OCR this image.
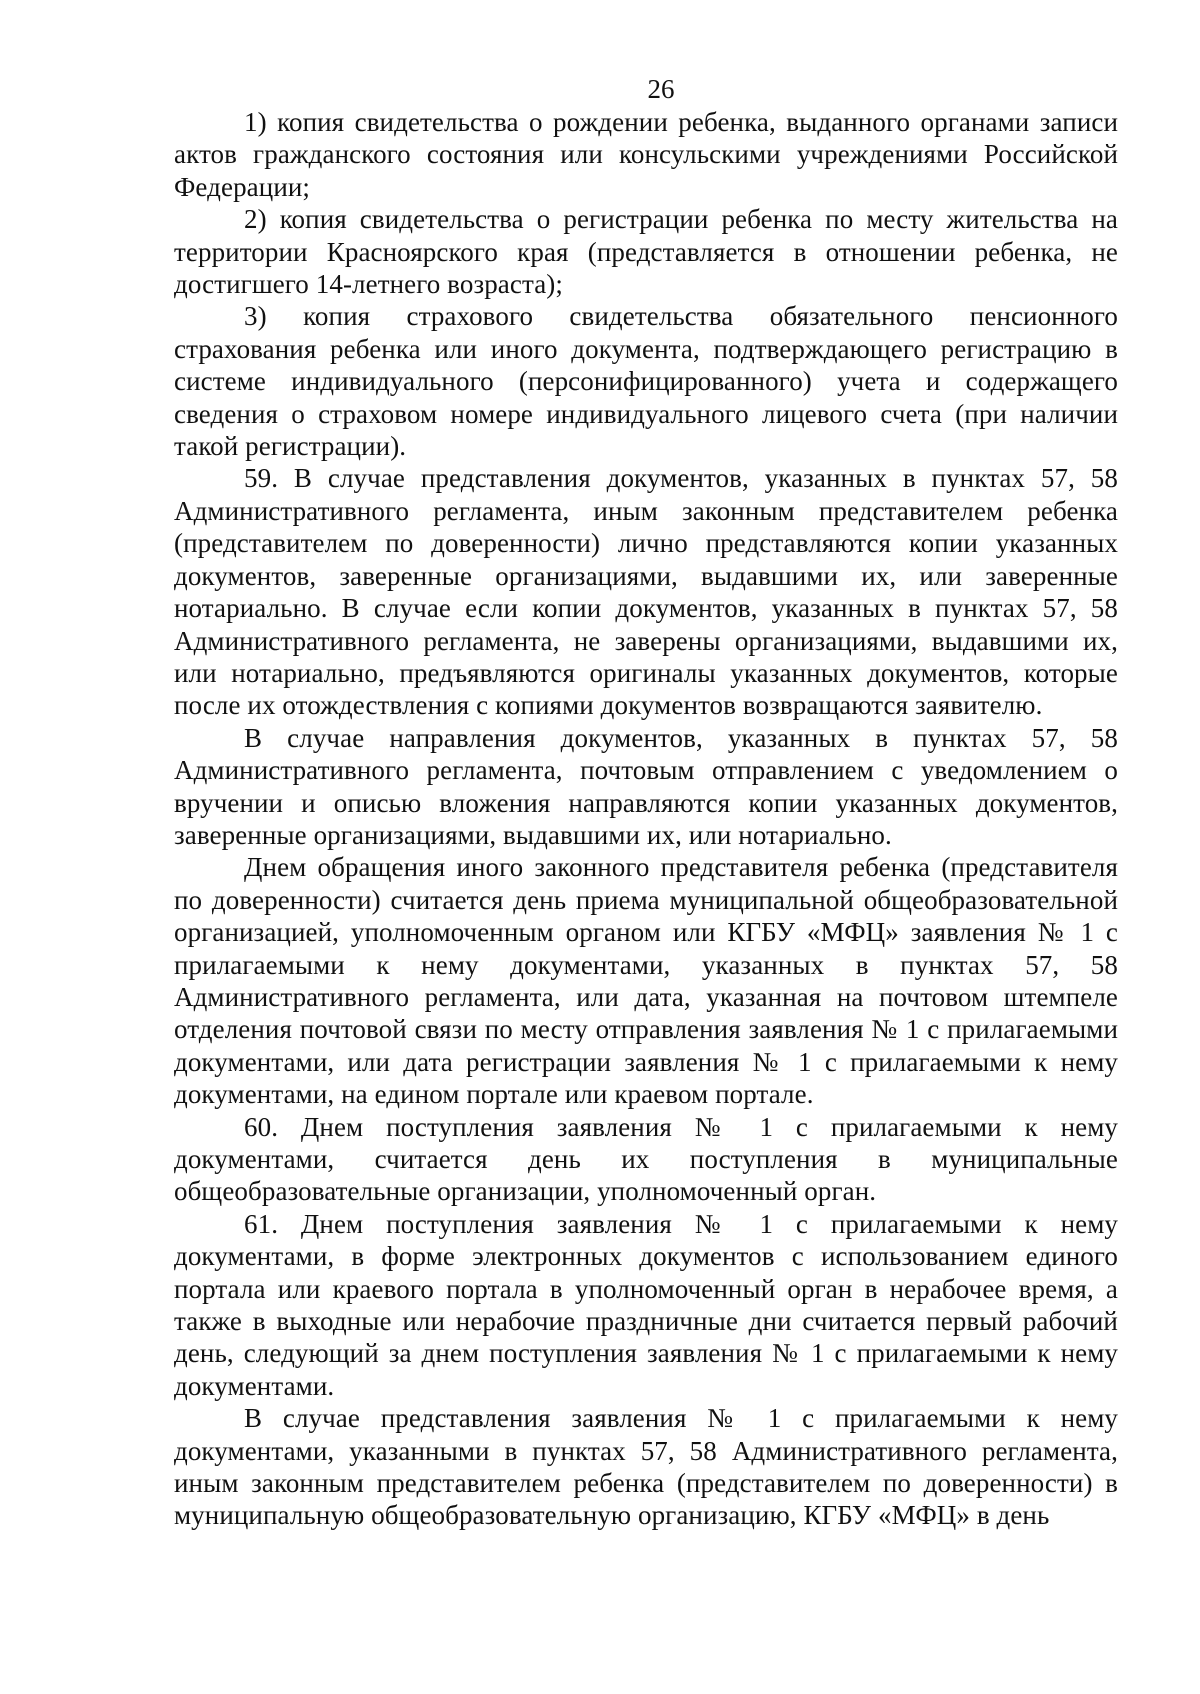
26

1) копия свидетельства о рождении ребенка, выданного органами записи актов гражданского состояния или консульскими учреждениями Российской Федерации;

2) копия свидетельства о регистрации ребенка по месту жительства на территории Красноярского края (представляется в отношении ребенка, не достигшего 14-летнего возраста);

3) копия страхового свидетельства обязательного пенсионного страхования ребенка или иного документа, подтверждающего регистрацию в системе индивидуального (персонифицированного) учета и содержащего сведения о страховом номере индивидуального лицевого счета (при наличии такой регистрации).

59. В случае представления документов, указанных в пунктах 57, 58 Административного регламента, иным законным представителем ребенка (представителем по доверенности) лично представляются копии указанных документов, заверенные организациями, выдавшими их, или заверенные нотариально. В случае если копии документов, указанных в пунктах 57, 58 Административного регламента, не заверены организациями, выдавшими их, или нотариально, предъявляются оригиналы указанных документов, которые после их отождествления с копиями документов возвращаются заявителю.

В случае направления документов, указанных в пунктах 57, 58 Административного регламента, почтовым отправлением с уведомлением о вручении и описью вложения направляются копии указанных документов, заверенные организациями, выдавшими их, или нотариально.

Днем обращения иного законного представителя ребенка (представителя по доверенности) считается день приема муниципальной общеобразовательной организацией, уполномоченным органом или КГБУ «МФЦ» заявления № 1 с прилагаемыми к нему документами, указанных в пунктах 57, 58 Административного регламента, или дата, указанная на почтовом штемпеле отделения почтовой связи по месту отправления заявления № 1 с прилагаемыми документами, или дата регистрации заявления № 1 с прилагаемыми к нему документами, на едином портале или краевом портале.

60. Днем поступления заявления № 1 с прилагаемыми к нему документами, считается день их поступления в муниципальные общеобразовательные организации, уполномоченный орган.

61. Днем поступления заявления № 1 с прилагаемыми к нему документами, в форме электронных документов с использованием единого портала или краевого портала в уполномоченный орган в нерабочее время, а также в выходные или нерабочие праздничные дни считается первый рабочий день, следующий за днем поступления заявления № 1 с прилагаемыми к нему документами.

В случае представления заявления № 1 с прилагаемыми к нему документами, указанными в пунктах 57, 58 Административного регламента, иным законным представителем ребенка (представителем по доверенности) в муниципальную общеобразовательную организацию, КГБУ «МФЦ» в день
